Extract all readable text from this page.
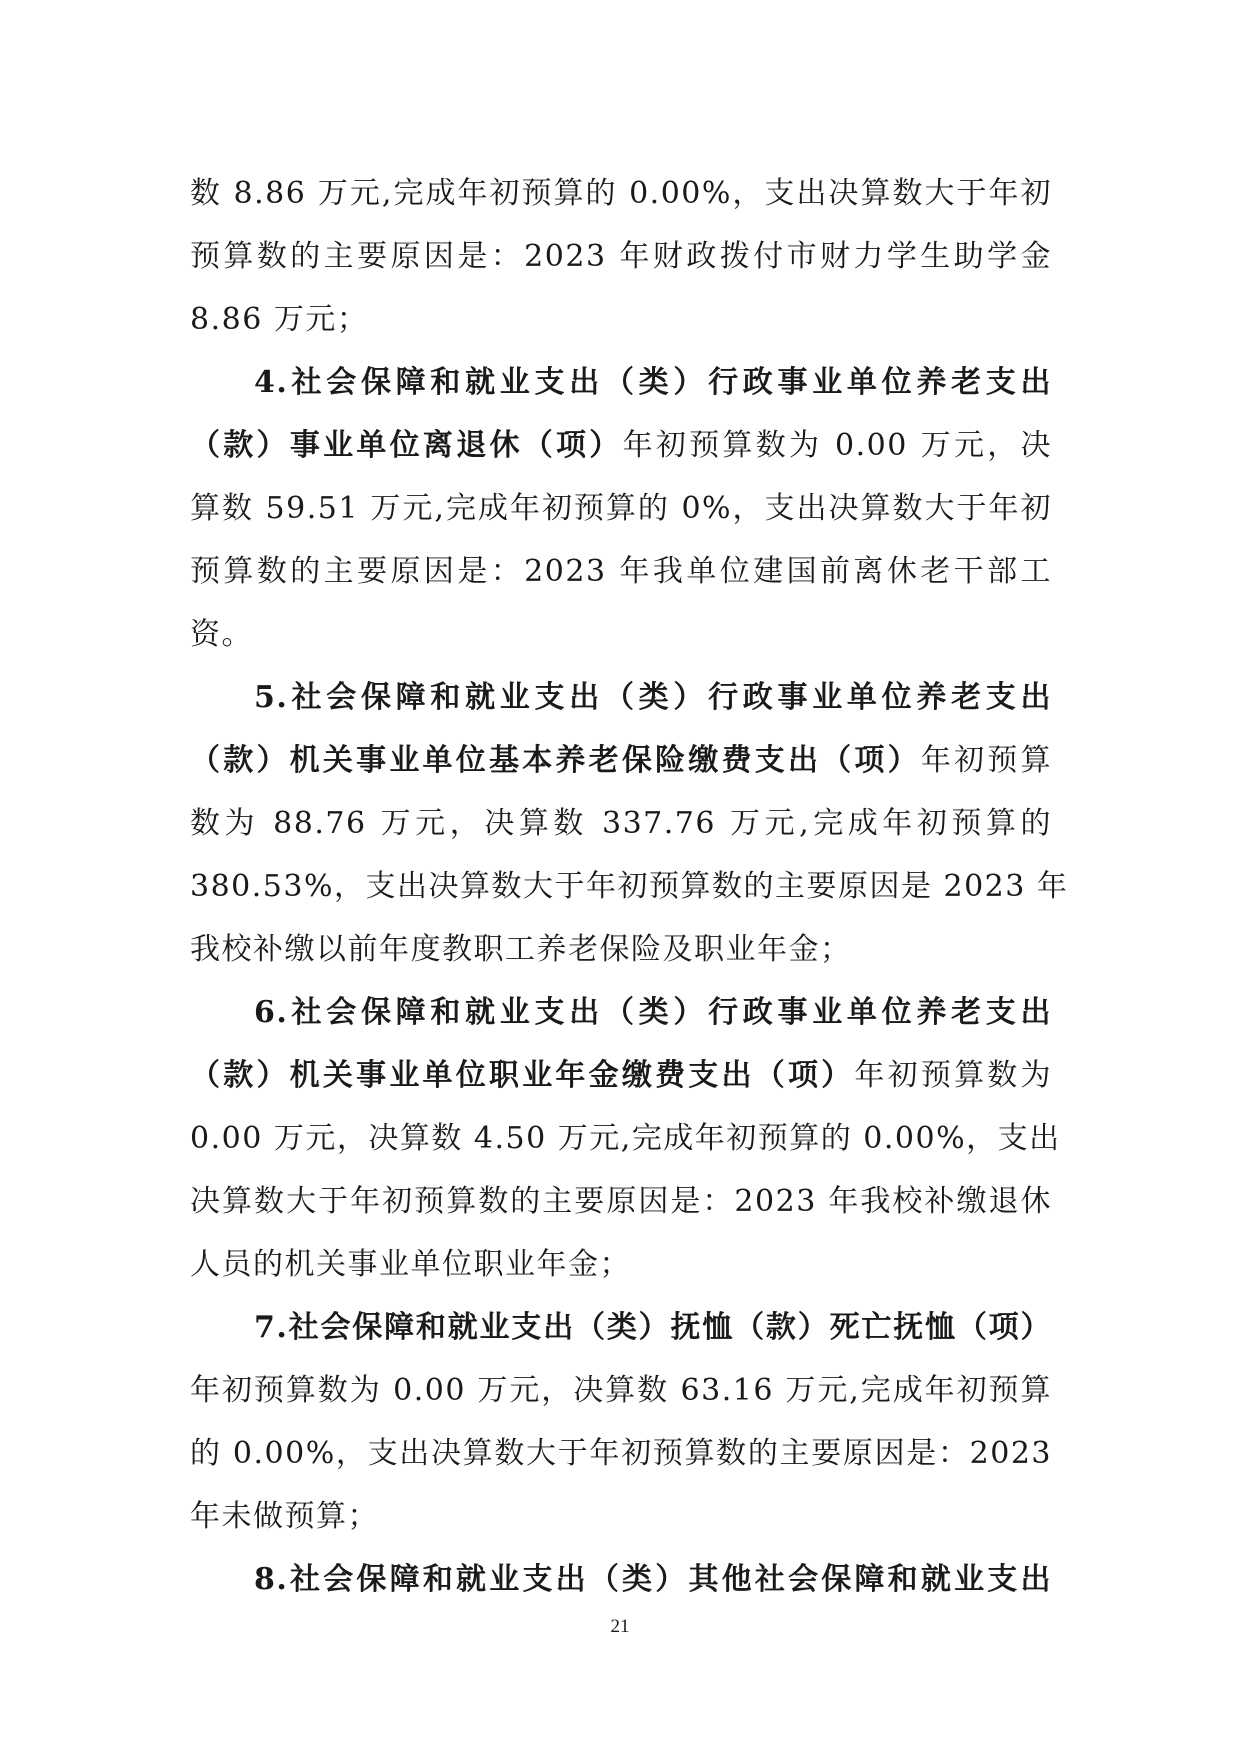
数 8.86 万元,完成年初预算的 0.00%，支出决算数大于年初
预算数的主要原因是：2023 年财政拨付市财力学生助学金
8.86 万元；
4.社会保障和就业支出（类）行政事业单位养老支出
（款）事业单位离退休（项）年初预算数为 0.00 万元，决
算数 59.51 万元,完成年初预算的 0%，支出决算数大于年初
预算数的主要原因是：2023 年我单位建国前离休老干部工
资。
5.社会保障和就业支出（类）行政事业单位养老支出
（款）机关事业单位基本养老保险缴费支出（项）年初预算
数为 88.76 万元，决算数 337.76 万元,完成年初预算的
380.53%，支出决算数大于年初预算数的主要原因是 2023 年
我校补缴以前年度教职工养老保险及职业年金；
6.社会保障和就业支出（类）行政事业单位养老支出
（款）机关事业单位职业年金缴费支出（项）年初预算数为
0.00 万元，决算数 4.50 万元,完成年初预算的 0.00%，支出
决算数大于年初预算数的主要原因是：2023 年我校补缴退休
人员的机关事业单位职业年金；
7.社会保障和就业支出（类）抚恤（款）死亡抚恤（项）
年初预算数为 0.00 万元，决算数 63.16 万元,完成年初预算
的 0.00%，支出决算数大于年初预算数的主要原因是：2023
年未做预算；
8.社会保障和就业支出（类）其他社会保障和就业支出
21
